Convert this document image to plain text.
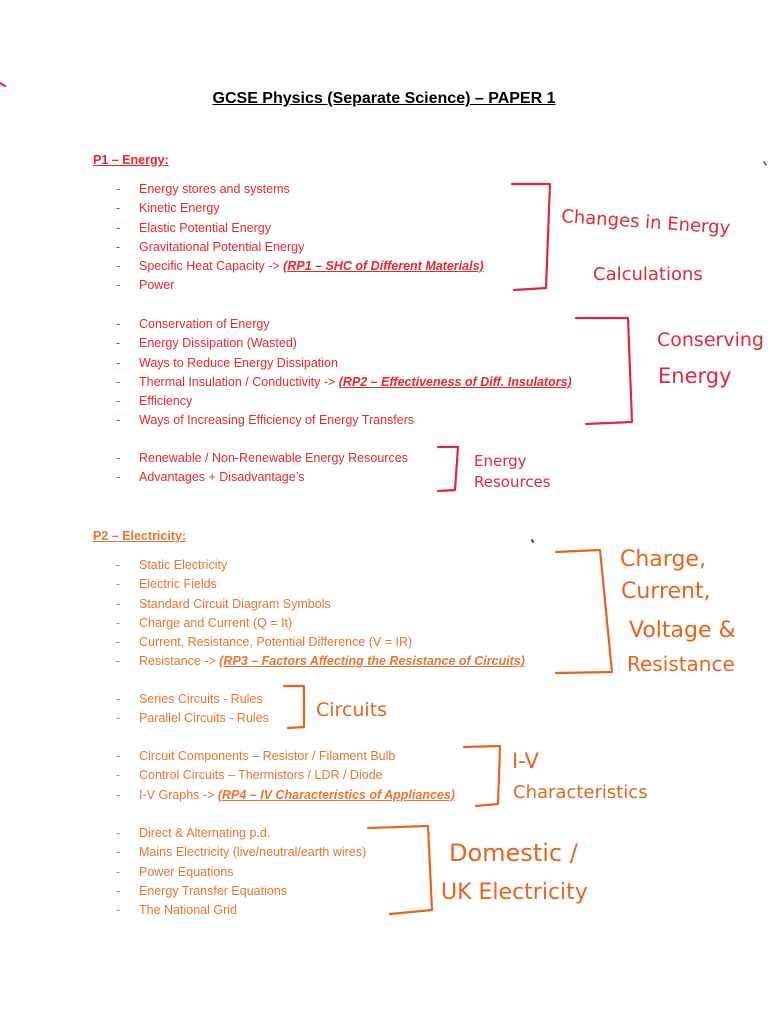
GCSE Physics (Separate Science) – PAPER 1
P1 – Energy:
- Energy stores and systems
- Kinetic Energy
- Elastic Potential Energy
- Gravitational Potential Energy
- Specific Heat Capacity -> (RP1 – SHC of Different Materials)
- Power
- Conservation of Energy
- Energy Dissipation (Wasted)
- Ways to Reduce Energy Dissipation
- Thermal Insulation / Conductivity -> (RP2 – Effectiveness of Diff. Insulators)
- Efficiency
- Ways of Increasing Efficiency of Energy Transfers
- Renewable / Non-Renewable Energy Resources
- Advantages + Disadvantage’s
P2 – Electricity:
- Static Electricity
- Electric Fields
- Standard Circuit Diagram Symbols
- Charge and Current (Q = It)
- Current, Resistance, Potential Difference (V = IR)
- Resistance -> (RP3 – Factors Affecting the Resistance of Circuits)
- Series Circuits - Rules
- Parallel Circuits - Rules
- Circuit Components – Resistor / Filament Bulb
- Control Circuits – Thermistors / LDR / Diode
- I-V Graphs -> (RP4 – IV Characteristics of Appliances)
- Direct & Alternating p.d.
- Mains Electricity (live/neutral/earth wires)
- Power Equations
- Energy Transfer Equations
- The National Grid
Changes in Energy
Calculations
Conserving
Energy
Energy
Resources
Charge,
Current,
Voltage &
Resistance
Circuits
I-V
Characteristics
Domestic /
UK Electricity
